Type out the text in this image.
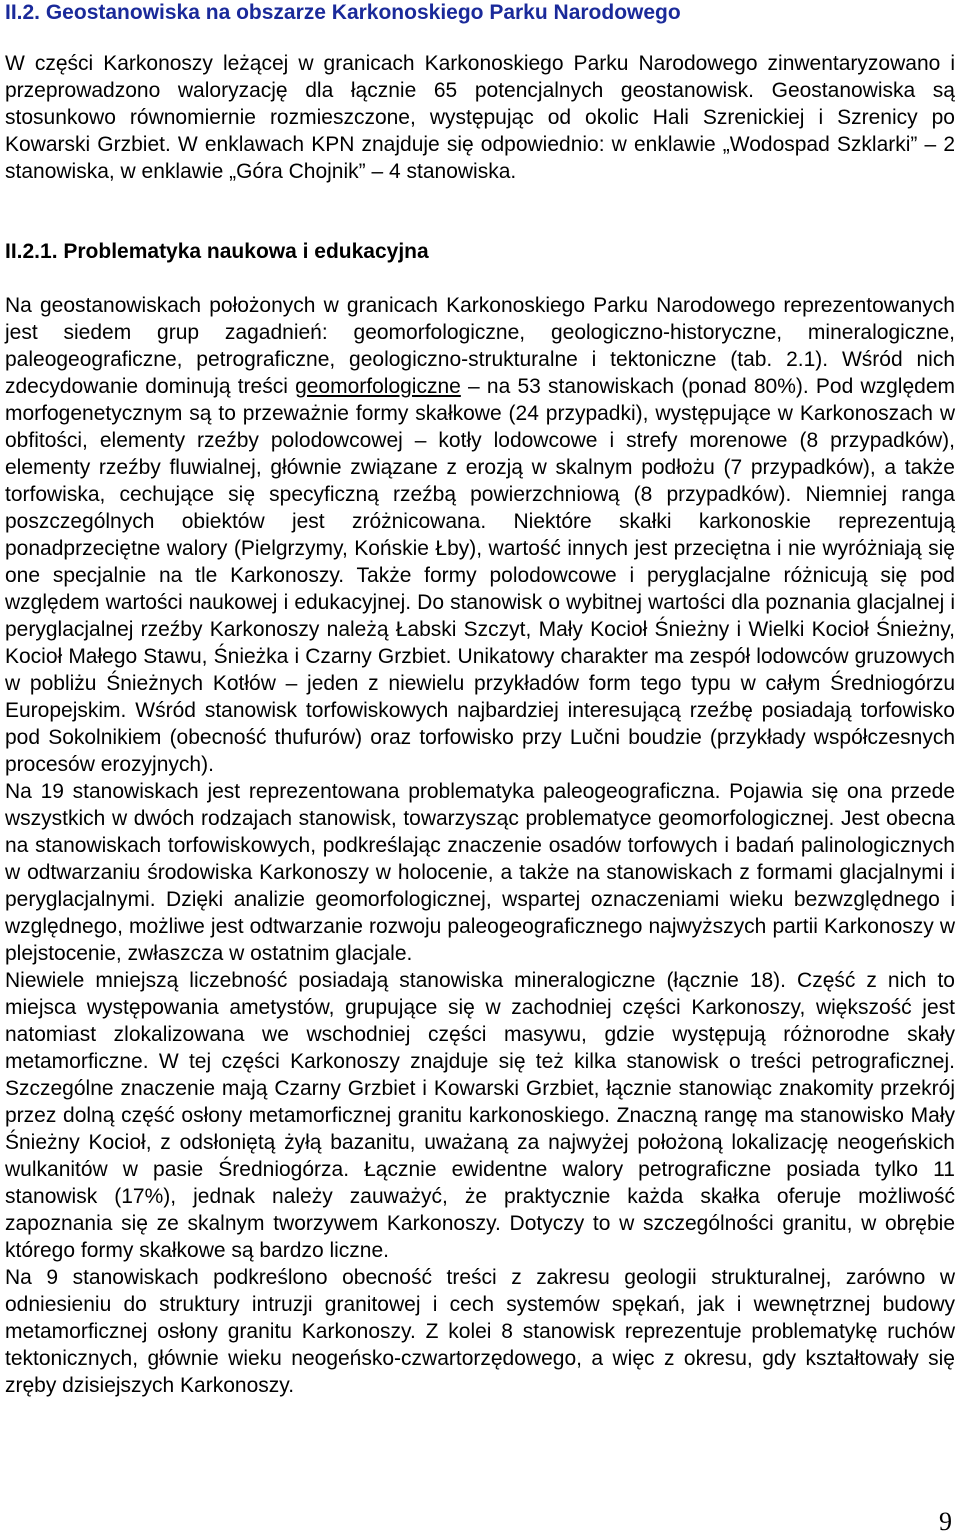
II.2. Geostanowiska na obszarze Karkonoskiego Parku Narodowego

W części Karkonoszy leżącej w granicach Karkonoskiego Parku Narodowego zinwentaryzowano i przeprowadzono waloryzację dla łącznie 65 potencjalnych geostanowisk. Geostanowiska są stosunkowo równomiernie rozmieszczone, występując od okolic Hali Szrenickiej i Szrenicy po Kowarski Grzbiet. W enklawach KPN znajduje się odpowiednio: w enklawie „Wodospad Szklarki” – 2 stanowiska, w enklawie „Góra Chojnik” – 4 stanowiska.

II.2.1. Problematyka naukowa i edukacyjna

Na geostanowiskach położonych w granicach Karkonoskiego Parku Narodowego reprezentowanych jest siedem grup zagadnień: geomorfologiczne, geologiczno-historyczne, mineralogiczne, paleogeograficzne, petrograficzne, geologiczno-strukturalne i tektoniczne (tab. 2.1). Wśród nich zdecydowanie dominują treści geomorfologiczne – na 53 stanowiskach (ponad 80%). Pod względem morfogenetycznym są to przeważnie formy skałkowe (24 przypadki), występujące w Karkonoszach w obfitości, elementy rzeźby polodowcowej – kotły lodowcowe i strefy morenowe (8 przypadków), elementy rzeźby fluwialnej, głównie związane z erozją w skalnym podłożu (7 przypadków), a także torfowiska, cechujące się specyficzną rzeźbą powierzchniową (8 przypadków). Niemniej ranga poszczególnych obiektów jest zróżnicowana. Niektóre skałki karkonoskie reprezentują ponadprzeciętne walory (Pielgrzymy, Końskie Łby), wartość innych jest przeciętna i nie wyróżniają się one specjalnie na tle Karkonoszy. Także formy polodowcowe i peryglacjalne różnicują się pod względem wartości naukowej i edukacyjnej. Do stanowisk o wybitnej wartości dla poznania glacjalnej i peryglacjalnej rzeźby Karkonoszy należą Łabski Szczyt, Mały Kocioł Śnieżny i Wielki Kocioł Śnieżny, Kocioł Małego Stawu, Śnieżka i Czarny Grzbiet. Unikatowy charakter ma zespół lodowców gruzowych w pobliżu Śnieżnych Kotłów – jeden z niewielu przykładów form tego typu w całym Średniogórzu Europejskim. Wśród stanowisk torfowiskowych najbardziej interesującą rzeźbę posiadają torfowisko pod Sokolnikiem (obecność thufurów) oraz torfowisko przy Lučni boudzie (przykłady współczesnych procesów erozyjnych).

Na 19 stanowiskach jest reprezentowana problematyka paleogeograficzna. Pojawia się ona przede wszystkich w dwóch rodzajach stanowisk, towarzysząc problematyce geomorfologicznej. Jest obecna na stanowiskach torfowiskowych, podkreślając znaczenie osadów torfowych i badań palinologicznych w odtwarzaniu środowiska Karkonoszy w holocenie, a także na stanowiskach z formami glacjalnymi i peryglacjalnymi. Dzięki analizie geomorfologicznej, wspartej oznaczeniami wieku bezwzględnego i względnego, możliwe jest odtwarzanie rozwoju paleogeograficznego najwyższych partii Karkonoszy w plejstocenie, zwłaszcza w ostatnim glacjale.

Niewiele mniejszą liczebność posiadają stanowiska mineralogiczne (łącznie 18). Część z nich to miejsca występowania ametystów, grupujące się w zachodniej części Karkonoszy, większość jest natomiast zlokalizowana we wschodniej części masywu, gdzie występują różnorodne skały metamorficzne. W tej części Karkonoszy znajduje się też kilka stanowisk o treści petrograficznej. Szczególne znaczenie mają Czarny Grzbiet i Kowarski Grzbiet, łącznie stanowiąc znakomity przekrój przez dolną część osłony metamorficznej granitu karkonoskiego. Znaczną rangę ma stanowisko Mały Śnieżny Kocioł, z odsłoniętą żyłą bazanitu, uważaną za najwyżej położoną lokalizację neogeńskich wulkanitów w pasie Średniogórza. Łącznie ewidentne walory petrograficzne posiada tylko 11 stanowisk (17%), jednak należy zauważyć, że praktycznie każda skałka oferuje możliwość zapoznania się ze skalnym tworzywem Karkonoszy. Dotyczy to w szczególności granitu, w obrębie którego formy skałkowe są bardzo liczne.

Na 9 stanowiskach podkreślono obecność treści z zakresu geologii strukturalnej, zarówno w odniesieniu do struktury intruzji granitowej i cech systemów spękań, jak i wewnętrznej budowy metamorficznej osłony granitu Karkonoszy. Z kolei 8 stanowisk reprezentuje problematykę ruchów tektonicznych, głównie wieku neogeńsko-czwartorzędowego, a więc z okresu, gdy kształtowały się zręby dzisiejszych Karkonoszy.

9
